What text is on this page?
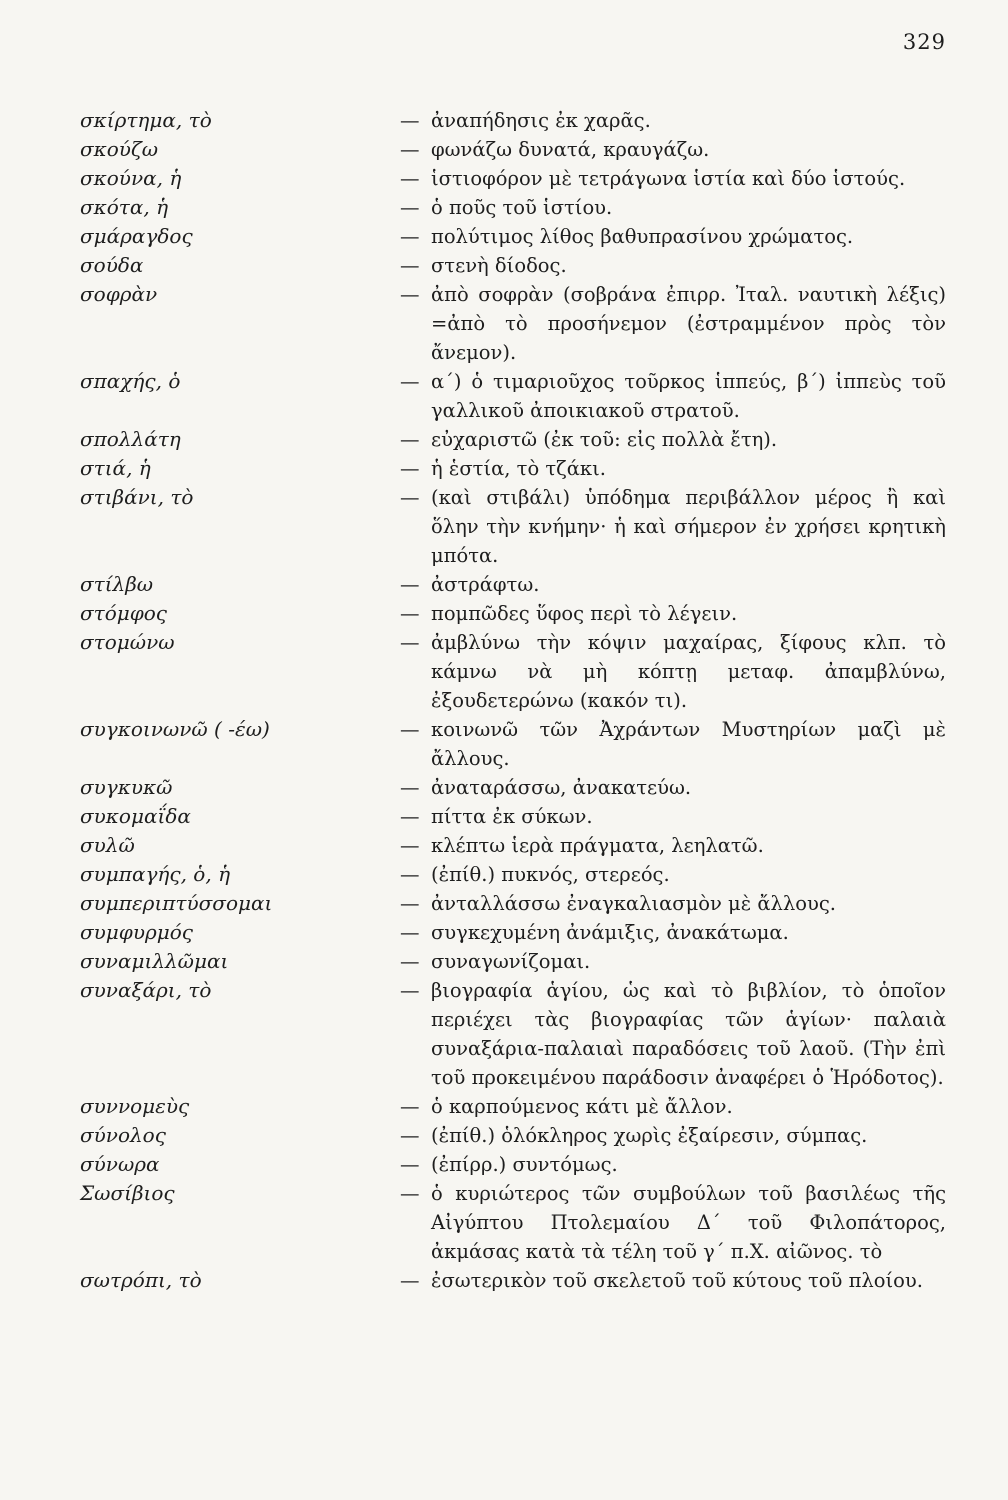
329
σκίρτημα, τὸ	— ἀναπήδησις ἐκ χαρᾶς.
σκούζω	— φωνάζω δυνατά, κραυγάζω.
σκούνα, ἡ	— ἱστιοφόρον μὲ τετράγωνα ἱστία καὶ δύο ἱστούς.
σκότα, ἡ	— ὁ ποῦς τοῦ ἱστίου.
σμάραγδος	— πολύτιμος λίθος βαθυπρασίνου χρώματος.
σούδα	— στενὴ δίοδος.
σοφρὰν	— ἀπὸ σοφρὰν (σοβράνα ἐπιρρ. Ἰταλ. ναυτικὴ λέξις) =ἀπὸ τὸ προσήνεμον (ἐστραμμένον πρὸς τὸν ἄνεμον).
σπαχής, ὁ	— α΄) ὁ τιμαριοῦχος τοῦρκος ἱππεύς, β΄) ἱππεὺς τοῦ γαλλικοῦ ἀποικιακοῦ στρατοῦ.
σπολλάτη	— εὐχαριστῶ (ἐκ τοῦ: εἰς πολλὰ ἔτη).
στιά, ἡ	— ἡ ἑστία, τὸ τζάκι.
στιβάνι, τὸ	— (καὶ στιβάλι) ὑπόδημα περιβάλλον μέρος ἢ καὶ ὅλην τὴν κνήμην· ἡ καὶ σήμερον ἐν χρήσει κρητικὴ μπότα.
στίλβω	— ἀστράφτω.
στόμφος	— πομπῶδες ὕφος περὶ τὸ λέγειν.
στομώνω	— ἀμβλύνω τὴν κόψιν μαχαίρας, ξίφους κλπ. τὸ κάμνω νὰ μὴ κόπτῃ μεταφ. ἀπαμβλύνω, ἐξουδετερώνω (κακόν τι).
συγκοινωνῶ ( -έω)	— κοινωνῶ τῶν Ἀχράντων Μυστηρίων μαζὶ μὲ ἄλλους.
συγκυκῶ	— ἀναταράσσω, ἀνακατεύω.
συκομαΐδα	— πίττα ἐκ σύκων.
συλῶ	— κλέπτω ἱερὰ πράγματα, λεηλατῶ.
συμπαγής, ὁ, ἡ	— (ἐπίθ.) πυκνός, στερεός.
συμπεριπτύσσομαι	— ἀνταλλάσσω ἐναγκαλιασμὸν μὲ ἄλλους.
συμφυρμός	— συγκεχυμένη ἀνάμιξις, ἀνακάτωμα.
συναμιλλῶμαι	— συναγωνίζομαι.
συναξάρι, τὸ	— βιογραφία ἁγίου, ὡς καὶ τὸ βιβλίον, τὸ ὁποῖον περιέχει τὰς βιογραφίας τῶν ἁγίων· παλαιὰ συναξάρια-παλαιαὶ παραδόσεις τοῦ λαοῦ. (Τὴν ἐπὶ τοῦ προκειμένου παράδοσιν ἀναφέρει ὁ Ἡρόδοτος).
συννομεὺς	— ὁ καρπούμενος κάτι μὲ ἄλλον.
σύνολος	— (ἐπίθ.) ὁλόκληρος χωρὶς ἐξαίρεσιν, σύμπας.
σύνωρα	— (ἐπίρρ.) συντόμως.
Σωσίβιος	— ὁ κυριώτερος τῶν συμβούλων τοῦ βασιλέως τῆς Αἰγύπτου Πτολεμαίου Δ΄ τοῦ Φιλοπάτορος, ἀκμάσας κατὰ τὰ τέλη τοῦ γ΄ π.Χ. αἰῶνος. τὸ
σωτρόπι, τὸ	— ἐσωτερικὸν τοῦ σκελετοῦ τοῦ κύτους τοῦ πλοίου.
